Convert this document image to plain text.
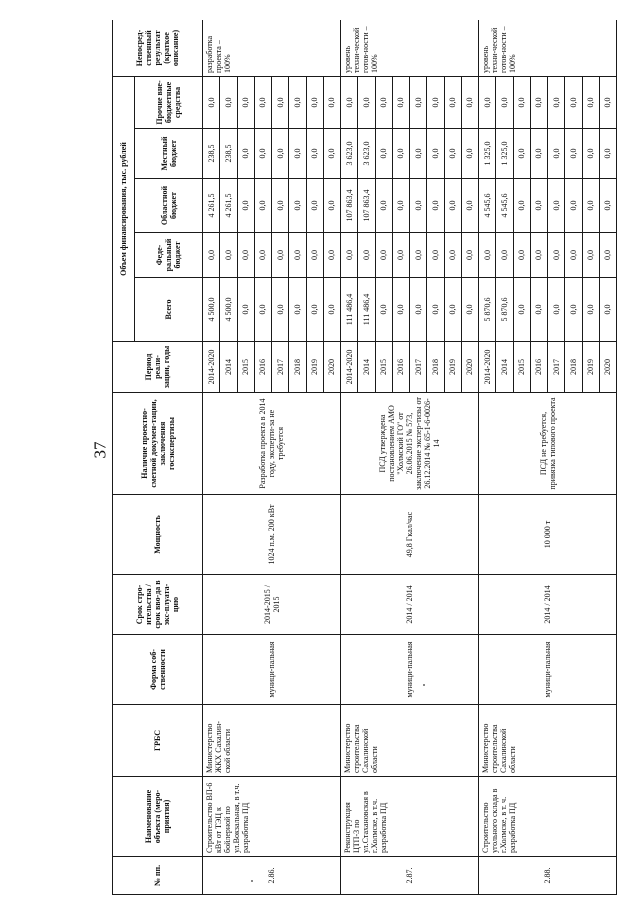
37
№ пп.
Наименование объекта (меро-приятия)
ГРБС
Форма соб-ственности
Срок стро-ительства / срок вво-да в экс-плуата-цию
Мощность
Наличие проектно-сметной докумен-тации, заключения госэкспертизы
Период реали-зации, годы
Объем финансирования, тыс. рублей
Всего
Феде-ральный бюджет
Областной бюджет
Местный бюджет
Прочие вне-бюджетные средства
Непосред-ственный результат (краткое описание)
2.86.
Строительство ВП-6 кВт от ТЭЦ к бойлерной по ул.Вокзальная, в т.ч. разработка ПД
Министерство ЖКХ Сахалин-ской области
муници-пальная
2014-2015 / 2015
1024 п.м. 200 кВт
Разработка проекта в 2014 году, эксперти-за не требуется
2014-2020
4 500,0
0,0
4 261,5
238,5
0,0
2014
4 500,0
0,0
4 261,5
238,5
0,0
2015
0,0
0,0
0,0
0,0
0,0
2016
0,0
0,0
0,0
0,0
0,0
2017
0,0
0,0
0,0
0,0
0,0
2018
0,0
0,0
0,0
0,0
0,0
2019
0,0
0,0
0,0
0,0
0,0
2020
0,0
0,0
0,0
0,0
0,0
разработка проекта – 100%
2.87.
Реконструкция ЦТП-3 по ул.Стахановская в г.Холмске, в т.ч. разработка ПД
Министерство строительства Сахалинской области
муници-пальная
2014 / 2014
49,8 Гкал/час
ПСД утверждена постановлением АМО "Холмский ГО" от 26.06.2015 № 573, заключение экспер-тизы от 26.12.2014 № 65-1-6-0026-14
2014-2020
111 486,4
0,0
107 863,4
3 623,0
0,0
2014
111 486,4
0,0
107 863,4
3 623,0
0,0
2015
0,0
0,0
0,0
0,0
0,0
2016
0,0
0,0
0,0
0,0
0,0
2017
0,0
0,0
0,0
0,0
0,0
2018
0,0
0,0
0,0
0,0
0,0
2019
0,0
0,0
0,0
0,0
0,0
2020
0,0
0,0
0,0
0,0
0,0
уровень техни-ческой готов-ности – 100%
2.88.
Строительство угольного склада в г.Холмске, в т. ч. разработка ПД
Министерство строительства Сахалинской области
муници-пальная
2014 / 2014
10 000 т
ПСД не требуется, привязка типового проекта
2014-2020
5 870,6
0,0
4 545,6
1 325,0
0,0
2014
5 870,6
0,0
4 545,6
1 325,0
0,0
2015
0,0
0,0
0,0
0,0
0,0
2016
0,0
0,0
0,0
0,0
0,0
2017
0,0
0,0
0,0
0,0
0,0
2018
0,0
0,0
0,0
0,0
0,0
2019
0,0
0,0
0,0
0,0
0,0
2020
0,0
0,0
0,0
0,0
0,0
уровень техни-ческой готов-ности – 100%
